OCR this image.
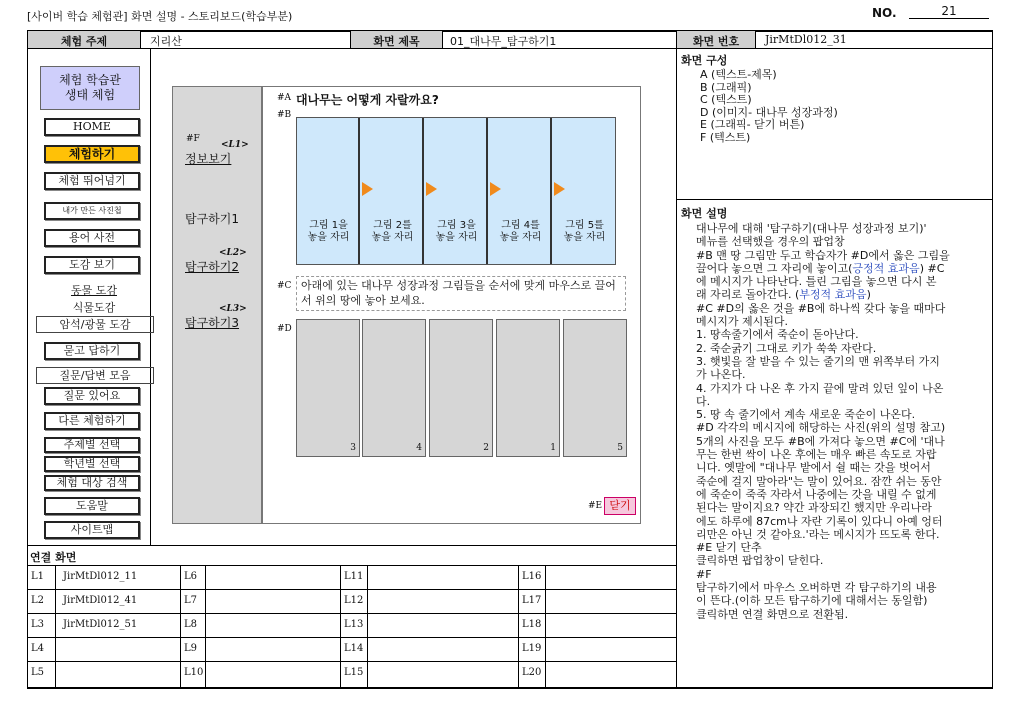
[사이버 학습 체험관] 화면 설명 - 스토리보드(학습부분)	NO.	21
체험 주제	지리산	화면 제목	01_대나무_탐구하기1	화면 번호	JirMtDl012_31
체험 학습관
생태 체험
HOME
체험하기
체험 뛰어넘기
내가 만든 사진첩
용어 사전
도감 보기
동물 도감
식물도감
암석/광물 도감
묻고 답하기
질문/답변 모음
질문 있어요
다른 체험하기
주제별 선택
학년별 선택
체험 대상 검색
도움말
사이트맵
#F
<L1>
정보보기
탐구하기1
<L2>
탐구하기2
<L3>
탐구하기3
#A 대나무는 어떻게 자랄까요?
#B
그림 1을
놓을 자리
그림 2를
놓을 자리
그림 3을
놓을 자리
그림 4를
놓을 자리
그림 5를
놓을 자리
#C 아래에 있는 대나무 성장과정 그림들을 순서에 맞게 마우스로 끌어서 위의 땅에 놓아 보세요.
#D
3	4	2	1	5
#E 닫기
화면 구성
A (텍스트-제목)
B (그래픽)
C (텍스트)
D (이미지- 대나무 성장과정)
E (그래픽- 닫기 버튼)
F (텍스트)
화면 설명
대나무에 대해 '탐구하기(대나무 성장과정 보기)'
메뉴를 선택했을 경우의 팝업창
#B 맨 땅 그림만 두고 학습자가 #D에서 옳은 그림을
끌어다 놓으면 그 자리에 놓이고(긍정적 효과음) #C
에 메시지가 나타난다. 틀린 그림을 놓으면 다시 본
래 자리로 돌아간다. (부정적 효과음)
#C #D의 옳은 것을 #B에 하나씩 갖다 놓을 때마다
메시지가 제시된다.
1. 땅속줄기에서 죽순이 돋아난다.
2. 죽순굵기 그대로 키가 쑥쑥 자란다.
3. 햇빛을 잘 받을 수 있는 줄기의 맨 위쪽부터 가지
가 나온다.
4. 가지가 다 나온 후 가지 끝에 말려 있던 잎이 나온
다.
5. 땅 속 줄기에서 계속 새로운 죽순이 나온다.
#D 각각의 메시지에 해당하는 사진(위의 설명 참고)
5개의 사진을 모두 #B에 가져다 놓으면 #C에 '대나
무는 한번 싹이 나온 후에는 매우 빠른 속도로 자랍
니다. 옛말에 "대나무 밭에서 쉴 때는 갓을 벗어서
죽순에 걸지 말아라"는 말이 있어요. 잠깐 쉬는 동안
에 죽순이 죽죽 자라서 나중에는 갓을 내릴 수 없게
된다는 말이지요? 약간 과장되긴 했지만 우리나라
에도 하루에 87cm나 자란 기록이 있다니 아예 엉터
리만은 아닌 것 같아요.'라는 메시지가 뜨도록 한다.
#E 닫기 단추
클릭하면 팝업창이 닫힌다.
#F
탐구하기에서 마우스 오버하면 각 탐구하기의 내용
이 뜬다.(이하 모든 탐구하기에 대해서는 동일함)
클릭하면 연결 화면으로 전환됨.
연결 화면
L1 JirMtDl012_11	L6	L11	L16
L2 JirMtDl012_41	L7	L12	L17
L3 JirMtDl012_51	L8	L13	L18
L4	L9	L14	L19
L5	L10	L15	L20
